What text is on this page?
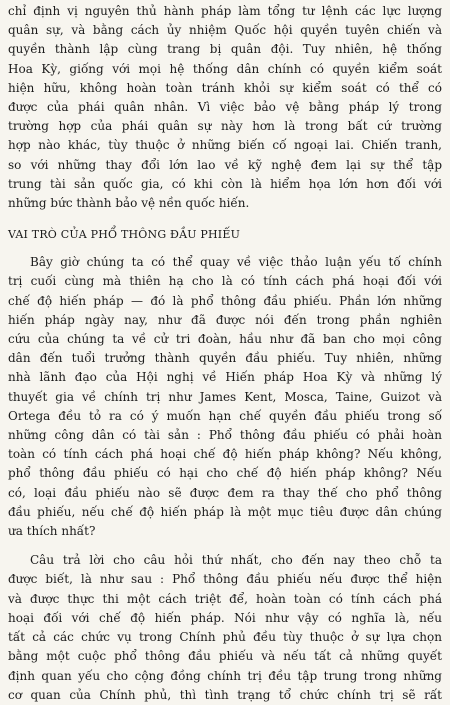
chỉ định vị nguyên thủ hành pháp làm tổng tư lệnh các lực lượng

quân sự, và bằng cách ủy nhiệm Quốc hội quyền tuyên chiến và

quyền thành lập cùng trang bị quân đội. Tuy nhiên, hệ thống

Hoa Kỳ, giống với mọi hệ thống dân chính có quyền kiểm soát

hiện hữu, không hoàn toàn tránh khỏi sự kiểm soát có thể có

được của phái quân nhân. Vì việc bảo vệ bằng pháp lý trong

trường hợp của phái quân sự này hơn là trong bất cứ trường

hợp nào khác, tùy thuộc ở những biến cố ngoại lai. Chiến tranh,

so với những thay đổi lớn lao về kỹ nghệ đem lại sự thể tập

trung tài sản quốc gia, có khi còn là hiểm họa lớn hơn đối với

những bức thành bảo vệ nền quốc hiến.

VAI TRÒ CỦA PHỔ THÔNG ĐẦU PHIẾU

Bây giờ chúng ta có thể quay về việc thảo luận yếu tố chính

trị cuối cùng mà thiên hạ cho là có tính cách phá hoại đối với

chế độ hiến pháp — đó là phổ thông đầu phiếu. Phần lớn những

hiến pháp ngày nay, như đã được nói đến trong phần nghiên

cứu của chúng ta về cử tri đoàn, hầu như đã ban cho mọi công

dân đến tuổi trưởng thành quyền đầu phiếu. Tuy nhiên, những

nhà lãnh đạo của Hội nghị về Hiến pháp Hoa Kỳ và những lý

thuyết gia về chính trị như James Kent, Mosca, Taine, Guizot và

Ortega đều tỏ ra có ý muốn hạn chế quyền đầu phiếu trong số

những công dân có tài sản : Phổ thông đầu phiếu có phải hoàn

toàn có tính cách phá hoại chế độ hiến pháp không? Nếu không,

phổ thông đầu phiếu có hại cho chế độ hiến pháp không? Nếu

có, loại đầu phiếu nào sẽ được đem ra thay thế cho phổ thông

đầu phiếu, nếu chế độ hiến pháp là một mục tiêu được dân chúng

ưa thích nhất?

Câu trả lời cho câu hỏi thứ nhất, cho đến nay theo chỗ ta

được biết, là như sau : Phổ thông đầu phiếu nếu được thể hiện

và được thực thi một cách triệt để, hoàn toàn có tính cách phá

hoại đối với chế độ hiến pháp. Nói như vậy có nghĩa là, nếu

tất cả các chức vụ trong Chính phủ đều tùy thuộc ở sự lựa chọn

bằng một cuộc phổ thông đầu phiếu và nếu tất cả những quyết

định quan yếu cho cộng đồng chính trị đều tập trung trong những

cơ quan của Chính phủ, thì tình trạng tổ chức chính trị sẽ rất
